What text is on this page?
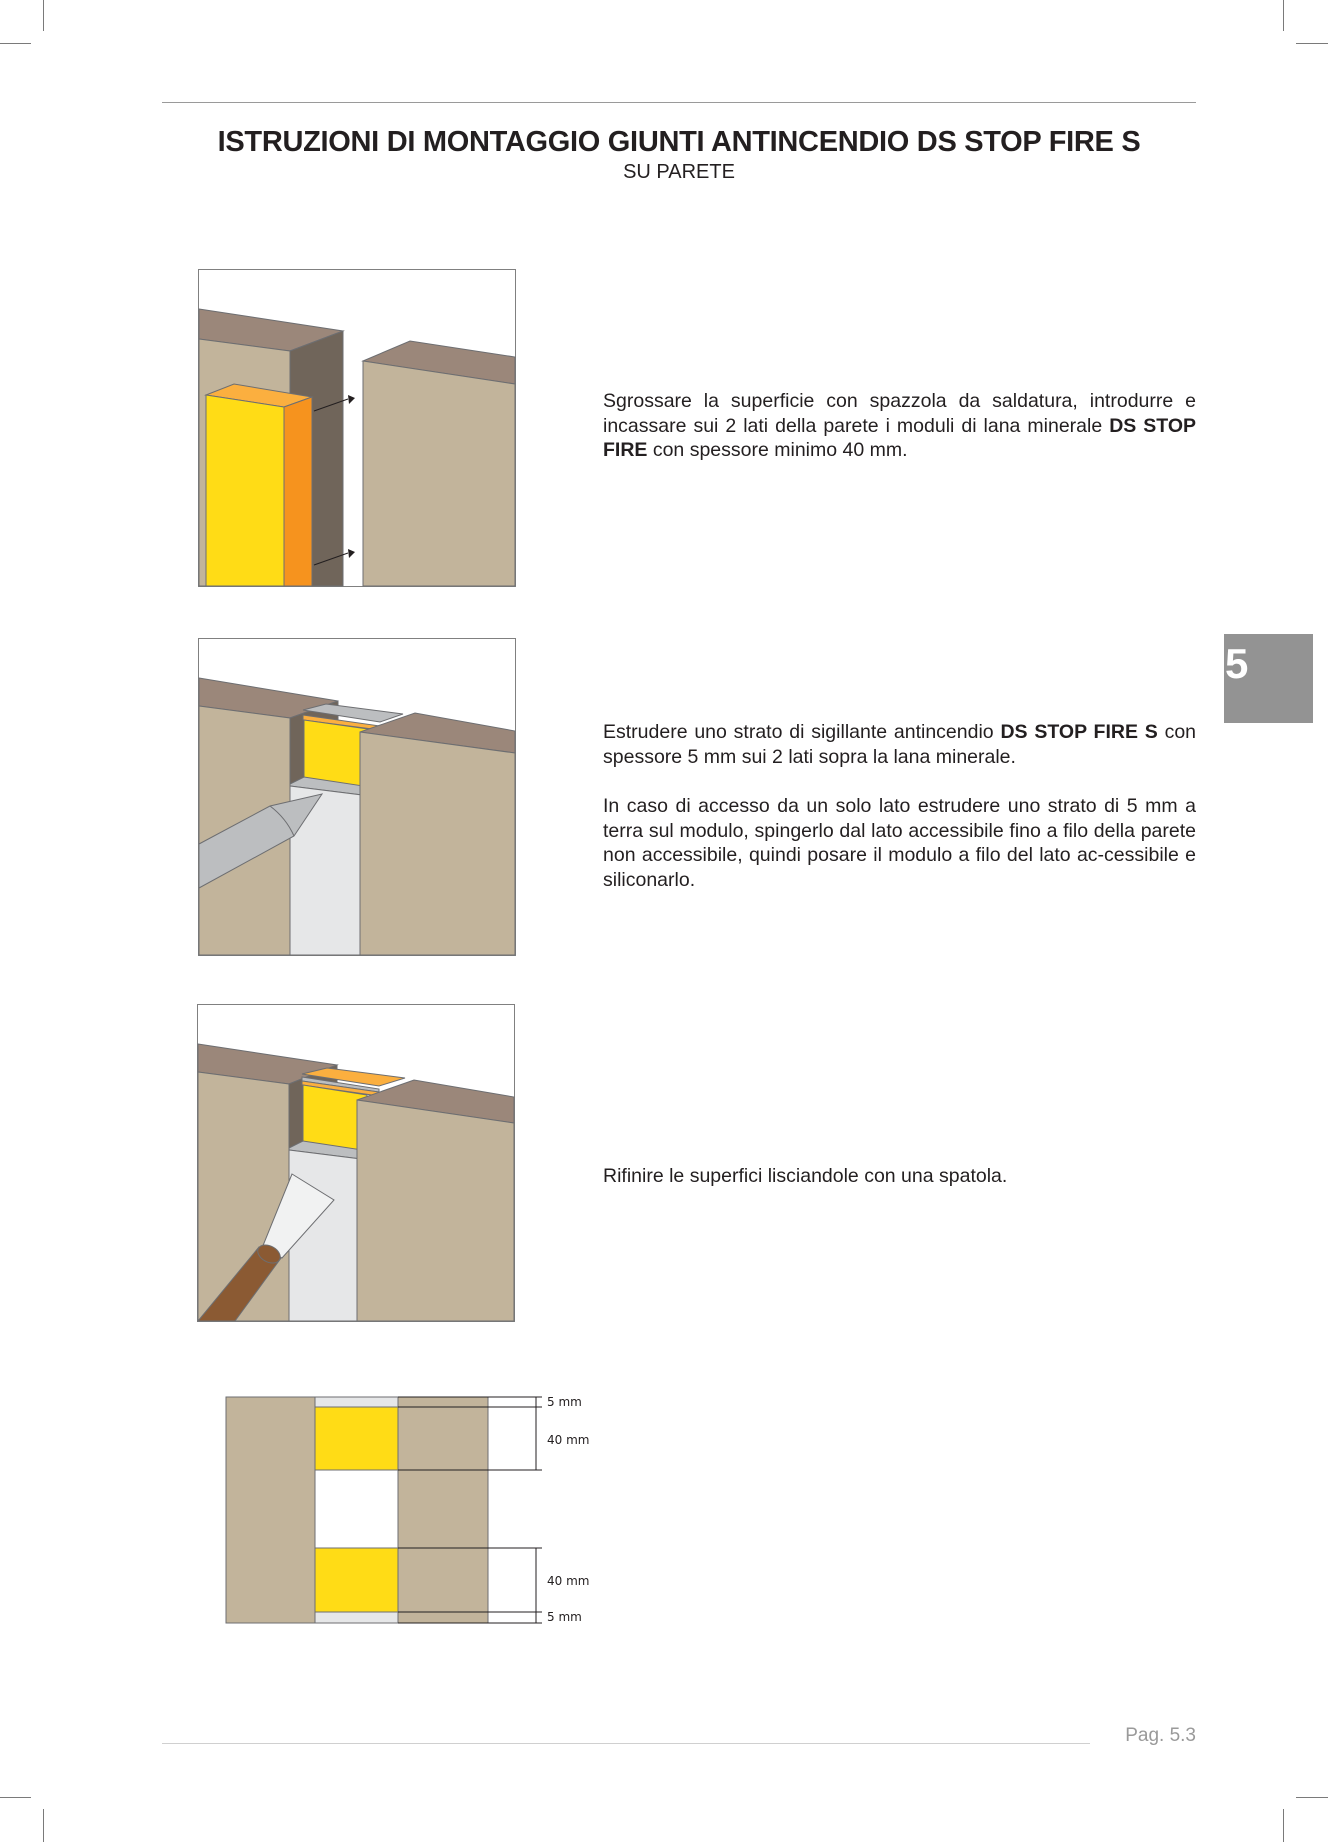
ISTRUZIONI DI MONTAGGIO GIUNTI ANTINCENDIO DS STOP FIRE S
SU PARETE
5

Sgrossare la superficie con spazzola da saldatura, introdurre e incassare sui 2 lati della parete i moduli di lana minerale DS STOP FIRE con spessore minimo 40 mm.

Estrudere uno strato di sigillante antincendio DS STOP FIRE S con spessore 5 mm sui 2 lati sopra la lana minerale.

In caso di accesso da un solo lato estrudere uno strato di 5 mm a terra sul modulo, spingerlo dal lato accessibile fino a filo della parete non accessibile, quindi posare il modulo a filo del lato ac-cessibile e siliconarlo.

Rifinire le superfici lisciandole con una spatola.

5 mm
40 mm
40 mm
5 mm
Pag. 5.3
